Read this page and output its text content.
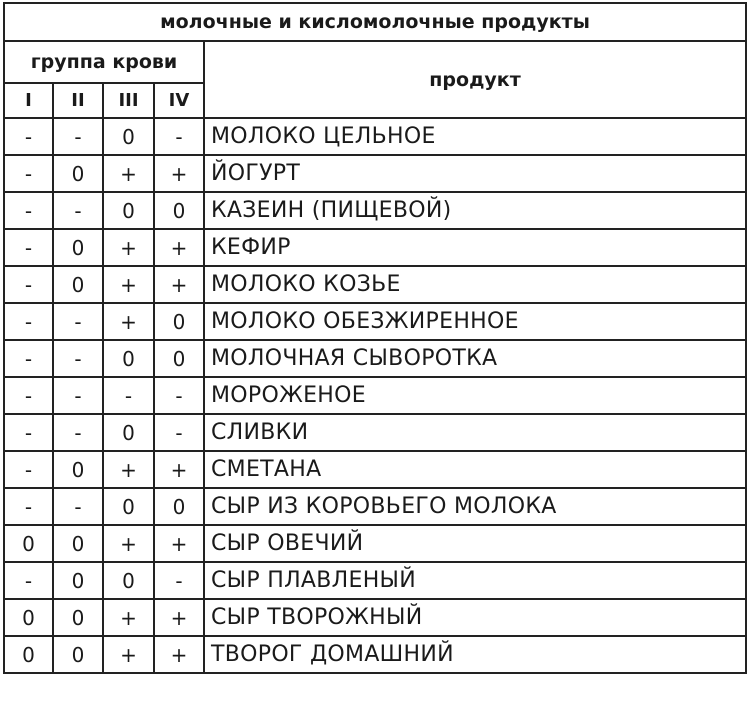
молочные и кисломолочные продукты				
группа крови				продукт
I	II	III	IV	
-	-	0	-	МОЛОКО ЦЕЛЬНОЕ
-	0	+	+	ЙОГУРТ
-	-	0	0	КАЗЕИН (ПИЩЕВОЙ)
-	0	+	+	КЕФИР
-	0	+	+	МОЛОКО КОЗЬЕ
-	-	+	0	МОЛОКО ОБЕЗЖИРЕННОЕ
-	-	0	0	МОЛОЧНАЯ СЫВОРОТКА
-	-	-	-	МОРОЖЕНОЕ
-	-	0	-	СЛИВКИ
-	0	+	+	СМЕТАНА
-	-	0	0	СЫР ИЗ КОРОВЬЕГО МОЛОКА
0	0	+	+	СЫР ОВЕЧИЙ
-	0	0	-	СЫР ПЛАВЛЕНЫЙ
0	0	+	+	СЫР ТВОРОЖНЫЙ
0	0	+	+	ТВОРОГ ДОМАШНИЙ
